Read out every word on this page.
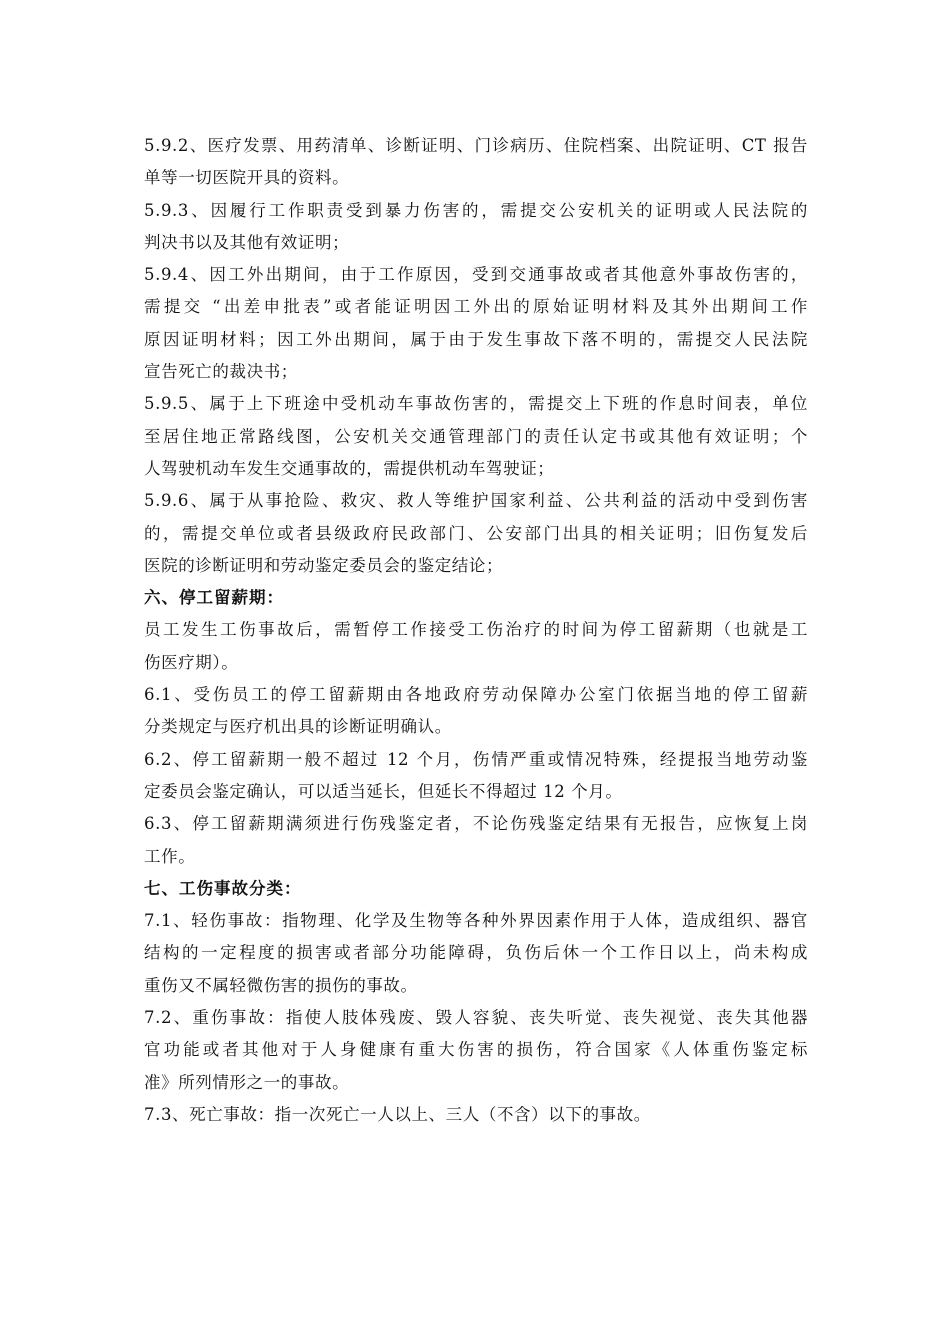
5.9.2、医疗发票、用药清单、诊断证明、门诊病历、住院档案、出院证明、CT 报告
单等一切医院开具的资料。
5.9.3、因履行工作职责受到暴力伤害的，需提交公安机关的证明或人民法院的
判决书以及其他有效证明；
5.9.4、因工外出期间，由于工作原因，受到交通事故或者其他意外事故伤害的，
需提交 “出差申批表”或者能证明因工外出的原始证明材料及其外出期间工作
原因证明材料；因工外出期间，属于由于发生事故下落不明的，需提交人民法院
宣告死亡的裁决书；
5.9.5、属于上下班途中受机动车事故伤害的，需提交上下班的作息时间表，单位
至居住地正常路线图，公安机关交通管理部门的责任认定书或其他有效证明；个
人驾驶机动车发生交通事故的，需提供机动车驾驶证；
5.9.6、属于从事抢险、救灾、救人等维护国家利益、公共利益的活动中受到伤害
的，需提交单位或者县级政府民政部门、公安部门出具的相关证明；旧伤复发后
医院的诊断证明和劳动鉴定委员会的鉴定结论；
六、停工留薪期：
员工发生工伤事故后，需暂停工作接受工伤治疗的时间为停工留薪期（也就是工
伤医疗期）。
6.1、受伤员工的停工留薪期由各地政府劳动保障办公室门依据当地的停工留薪
分类规定与医疗机出具的诊断证明确认。
6.2、停工留薪期一般不超过 12 个月，伤情严重或情况特殊，经提报当地劳动鉴
定委员会鉴定确认，可以适当延长，但延长不得超过 12 个月。
6.3、停工留薪期满须进行伤残鉴定者，不论伤残鉴定结果有无报告，应恢复上岗
工作。
七、工伤事故分类：
7.1、轻伤事故：指物理、化学及生物等各种外界因素作用于人体，造成组织、器官
结构的一定程度的损害或者部分功能障碍，负伤后休一个工作日以上，尚未构成
重伤又不属轻微伤害的损伤的事故。
7.2、重伤事故：指使人肢体残废、毁人容貌、丧失听觉、丧失视觉、丧失其他器
官功能或者其他对于人身健康有重大伤害的损伤，符合国家《人体重伤鉴定标
准》所列情形之一的事故。
7.3、死亡事故：指一次死亡一人以上、三人（不含）以下的事故。
